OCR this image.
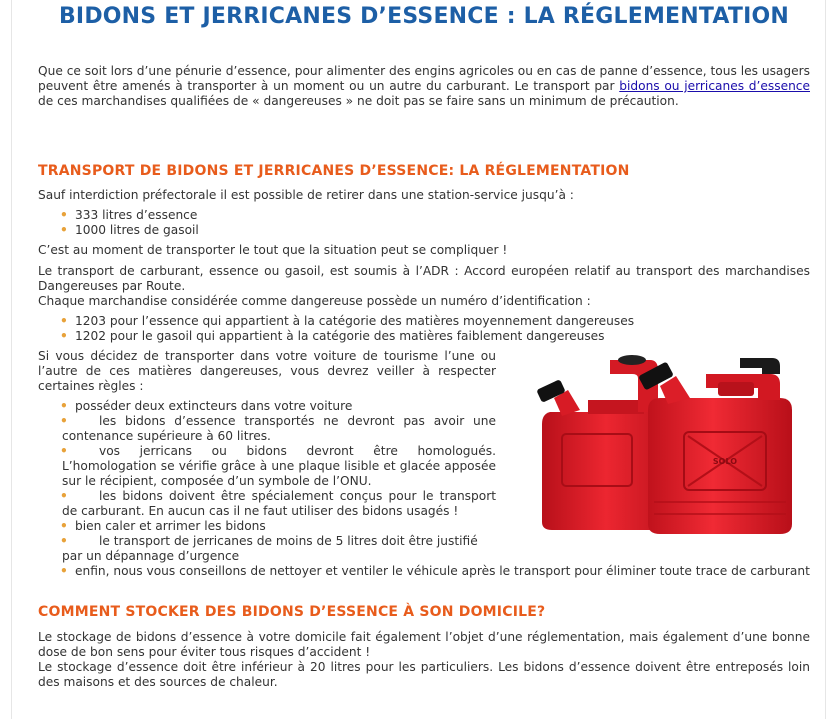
BIDONS ET JERRICANES D’ESSENCE : LA RÉGLEMENTATION

Que ce soit lors d’une pénurie d’essence, pour alimenter des engins agricoles ou en cas de panne d’essence, tous les usagers peuvent être amenés à transporter à un moment ou un autre du carburant. Le transport par bidons ou jerricanes d’essence de ces marchandises qualifiées de « dangereuses » ne doit pas se faire sans un minimum de précaution.

TRANSPORT DE BIDONS ET JERRICANES D’ESSENCE: LA RÉGLEMENTATION

Sauf interdiction préfectorale il est possible de retirer dans une station-service jusqu’à :

• 333 litres d’essence
• 1000 litres de gasoil

C’est au moment de transporter le tout que la situation peut se compliquer !

Le transport de carburant, essence ou gasoil, est soumis à l’ADR : Accord européen relatif au transport des marchandises Dangereuses par Route.

Chaque marchandise considérée comme dangereuse possède un numéro d’identification :

• 1203 pour l’essence qui appartient à la catégorie des matières moyennement dangereuses
• 1202 pour le gasoil qui appartient à la catégorie des matières faiblement dangereuses

Si vous décidez de transporter dans votre voiture de tourisme l’une ou l’autre de ces matières dangereuses, vous devrez veiller à respecter certaines règles :

• posséder deux extincteurs dans votre voiture
• les bidons d’essence transportés ne devront pas avoir une contenance supérieure à 60 litres.
• vos jerricans ou bidons devront être homologués. L’homologation se vérifie grâce à une plaque lisible et glacée apposée sur le récipient, composée d’un symbole de l’ONU.
• les bidons doivent être spécialement conçus pour le transport de carburant. En aucun cas il ne faut utiliser des bidons usagés !
• bien caler et arrimer les bidons
• le transport de jerricanes de moins de 5 litres doit être justifié par un dépannage d’urgence
• enfin, nous vous conseillons de nettoyer et ventiler le véhicule après le transport pour éliminer toute trace de carburant
SOLO
COMMENT STOCKER DES BIDONS D’ESSENCE À SON DOMICILE?

Le stockage de bidons d’essence à votre domicile fait également l’objet d’une réglementation, mais également d’une bonne dose de bon sens pour éviter tous risques d’accident !

Le stockage d’essence doit être inférieur à 20 litres pour les particuliers. Les bidons d’essence doivent être entreposés loin des maisons et des sources de chaleur.
